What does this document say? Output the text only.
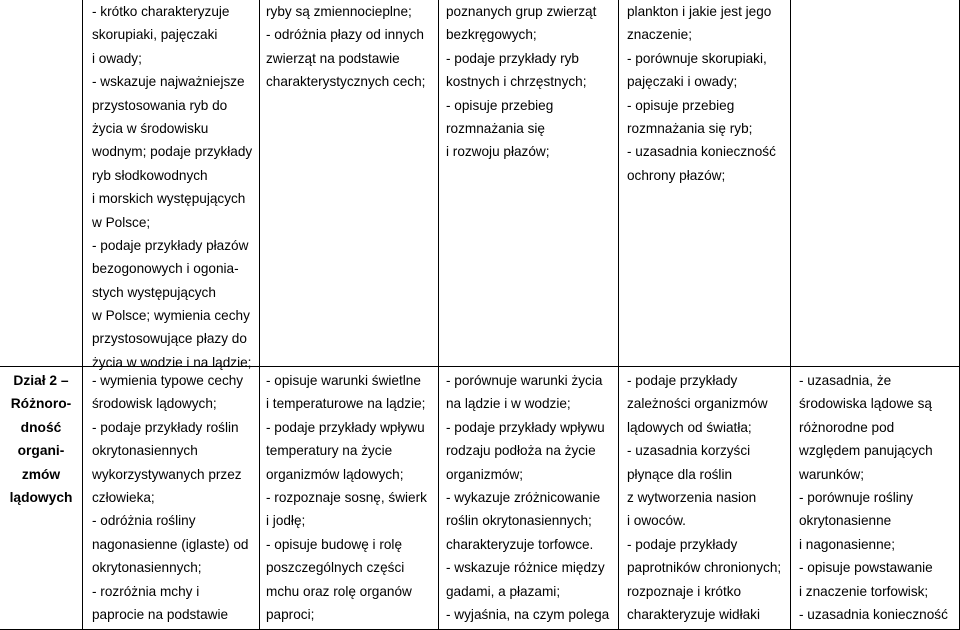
- krótko charakteryzuje
skorupiaki, pajęczaki
i owady;
- wskazuje najważniejsze
przystosowania ryb do
życia w środowisku
wodnym; podaje przykłady
ryb słodkowodnych
i morskich występujących
w Polsce;
- podaje przykłady płazów
bezogonowych i ogonia-
stych występujących
w Polsce; wymienia cechy
przystosowujące płazy do
życia w wodzie i na lądzie;
ryby są zmiennocieplne;
- odróżnia płazy od innych
zwierząt na podstawie
charakterystycznych cech;
poznanych grup zwierząt
bezkręgowych;
- podaje przykłady ryb
kostnych i chrzęstnych;
- opisuje przebieg
rozmnażania się
i rozwoju płazów;
plankton i jakie jest jego
znaczenie;
- porównuje skorupiaki,
pajęczaki i owady;
- opisuje przebieg
rozmnażania się ryb;
- uzasadnia konieczność
ochrony płazów;
Dział 2 –
Różnoro-
dność
organi-
zmów
lądowych
- wymienia typowe cechy
środowisk lądowych;
- podaje przykłady roślin
okrytonasiennych
wykorzystywanych przez
człowieka;
- odróżnia rośliny
nagonasienne (iglaste) od
okrytonasiennych;
- rozróżnia mchy i
paprocie na podstawie
- opisuje warunki świetlne
i temperaturowe na lądzie;
- podaje przykłady wpływu
temperatury na życie
organizmów lądowych;
- rozpoznaje sosnę, świerk
i jodłę;
- opisuje budowę i rolę
poszczególnych części
mchu oraz rolę organów
paproci;
- porównuje warunki życia
na lądzie i w wodzie;
- podaje przykłady wpływu
rodzaju podłoża na życie
organizmów;
- wykazuje zróżnicowanie
roślin okrytonasiennych;
charakteryzuje torfowce.
- wskazuje różnice między
gadami, a płazami;
- wyjaśnia, na czym polega
- podaje przykłady
zależności organizmów
lądowych od światła;
- uzasadnia korzyści
płynące dla roślin
z wytworzenia nasion
i owoców.
- podaje przykłady
paprotników chronionych;
rozpoznaje i krótko
charakteryzuje widłaki
- uzasadnia, że
środowiska lądowe są
różnorodne pod
względem panujących
warunków;
- porównuje rośliny
okrytonasienne
i nagonasienne;
- opisuje powstawanie
i znaczenie torfowisk;
- uzasadnia konieczność
